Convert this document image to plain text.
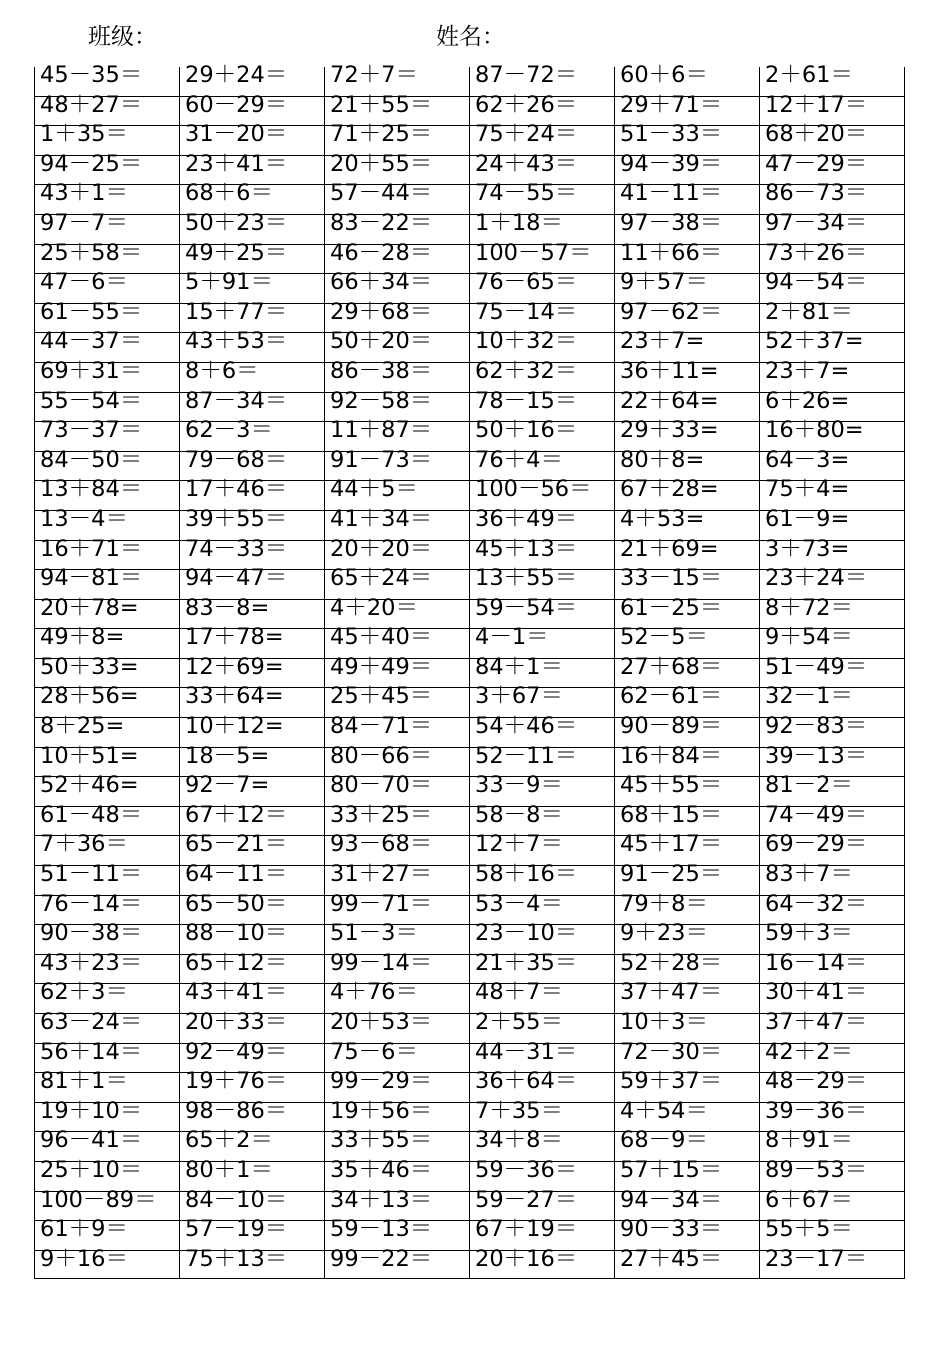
班级：	姓名：
45－35＝
48＋27＝
1＋35＝
94－25＝
43＋1＝
97－7＝
25＋58＝
47－6＝
61－55＝
44－37＝
69＋31＝
55－54＝
73－37＝
84－50＝
13＋84＝
13－4＝
16＋71＝
94－81＝
20＋78=
49＋8=
50＋33=
28＋56=
8＋25=
10＋51=
52＋46=
61－48＝
7＋36＝
51－11＝
76－14＝
90－38＝
43＋23＝
62＋3＝
63－24＝
56＋14＝
81＋1＝
19＋10＝
96－41＝
25＋10＝
100－89＝
61＋9＝
9＋16＝
29＋24＝
60－29＝
31－20＝
23＋41＝
68＋6＝
50＋23＝
49＋25＝
5＋91＝
15＋77＝
43＋53＝
8＋6＝
87－34＝
62－3＝
79－68＝
17＋46＝
39＋55＝
74－33＝
94－47＝
83－8=
17＋78=
12＋69=
33＋64=
10＋12=
18－5=
92－7=
67＋12＝
65－21＝
64－11＝
65－50＝
88－10＝
65＋12＝
43＋41＝
20＋33＝
92－49＝
19＋76＝
98－86＝
65＋2＝
80＋1＝
84－10＝
57－19＝
75＋13＝
72＋7＝
21＋55＝
71＋25＝
20＋55＝
57－44＝
83－22＝
46－28＝
66＋34＝
29＋68＝
50＋20＝
86－38＝
92－58＝
11＋87＝
91－73＝
44＋5＝
41＋34＝
20＋20＝
65＋24＝
4＋20＝
45＋40＝
49＋49＝
25＋45＝
84－71＝
80－66＝
80－70＝
33＋25＝
93－68＝
31＋27＝
99－71＝
51－3＝
99－14＝
4＋76＝
20＋53＝
75－6＝
99－29＝
19＋56＝
33＋55＝
35＋46＝
34＋13＝
59－13＝
99－22＝
87－72＝
62＋26＝
75＋24＝
24＋43＝
74－55＝
1＋18＝
100－57＝
76－65＝
75－14＝
10＋32＝
62＋32＝
78－15＝
50＋16＝
76＋4＝
100－56＝
36＋49＝
45＋13＝
13＋55＝
59－54＝
4－1＝
84＋1＝
3＋67＝
54＋46＝
52－11＝
33－9＝
58－8＝
12＋7＝
58＋16＝
53－4＝
23－10＝
21＋35＝
48＋7＝
2＋55＝
44－31＝
36＋64＝
7＋35＝
34＋8＝
59－36＝
59－27＝
67＋19＝
20＋16＝
60＋6＝
29＋71＝
51－33＝
94－39＝
41－11＝
97－38＝
11＋66＝
9＋57＝
97－62＝
23＋7=
36＋11=
22＋64=
29＋33=
80＋8=
67＋28=
4＋53=
21＋69=
33－15＝
61－25＝
52－5＝
27＋68＝
62－61＝
90－89＝
16＋84＝
45＋55＝
68＋15＝
45＋17＝
91－25＝
79＋8＝
9＋23＝
52＋28＝
37＋47＝
10＋3＝
72－30＝
59＋37＝
4＋54＝
68－9＝
57＋15＝
94－34＝
90－33＝
27＋45＝
2＋61＝
12＋17＝
68＋20＝
47－29＝
86－73＝
97－34＝
73＋26＝
94－54＝
2＋81＝
52＋37=
23＋7=
6＋26=
16＋80=
64－3=
75＋4=
61－9=
3＋73=
23＋24＝
8＋72＝
9＋54＝
51－49＝
32－1＝
92－83＝
39－13＝
81－2＝
74－49＝
69－29＝
83＋7＝
64－32＝
59＋3＝
16－14＝
30＋41＝
37＋47＝
42＋2＝
48－29＝
39－36＝
8＋91＝
89－53＝
6＋67＝
55＋5＝
23－17＝
